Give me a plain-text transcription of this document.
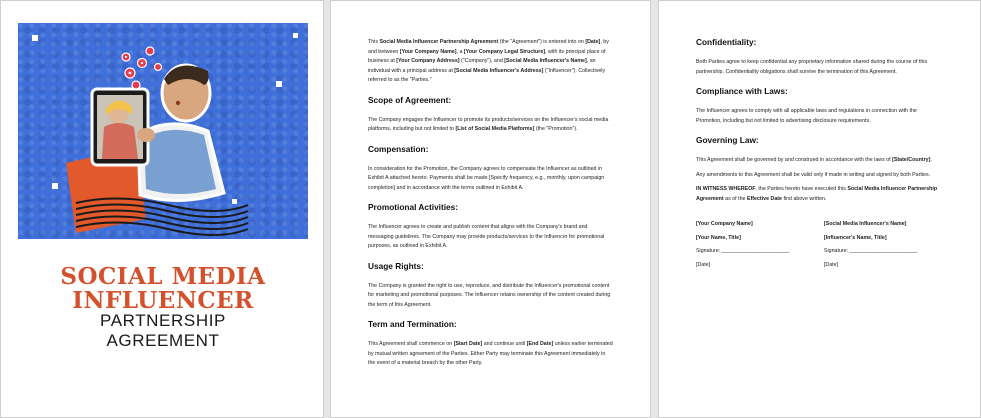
SOCIAL MEDIA
INFLUENCER
PARTNERSHIP
AGREEMENT

This Social Media Influencer Partnership Agreement (the "Agreement") is entered into on [Date], by and between [Your Company Name], a [Your Company Legal Structure], with its principal place of business at [Your Company Address] ("Company"), and [Social Media Influencer's Name], an individual with a principal address at [Social Media Influencer's Address] ("Influencer"). Collectively referred to as the "Parties."

Scope of Agreement:

The Company engages the Influencer to promote its products/services on the Influencer's social media platforms, including but not limited to [List of Social Media Platforms] (the "Promotion").

Compensation:

In consideration for the Promotion, the Company agrees to compensate the Influencer as outlined in Exhibit A attached hereto. Payments shall be made [Specify frequency, e.g., monthly, upon campaign completion] and in accordance with the terms outlined in Exhibit A.

Promotional Activities:

The Influencer agrees to create and publish content that aligns with the Company's brand and messaging guidelines. The Company may provide products/services to the Influencer for promotional purposes, as outlined in Exhibit A.

Usage Rights:

The Company is granted the right to use, reproduce, and distribute the Influencer's promotional content for marketing and promotional purposes. The Influencer retains ownership of the content created during the term of this Agreement.

Term and Termination:

This Agreement shall commence on [Start Date] and continue until [End Date] unless earlier terminated by mutual written agreement of the Parties. Either Party may terminate this Agreement immediately in the event of a material breach by the other Party.

Confidentiality:

Both Parties agree to keep confidential any proprietary information shared during the course of this partnership. Confidentiality obligations shall survive the termination of this Agreement.

Compliance with Laws:

The Influencer agrees to comply with all applicable laws and regulations in connection with the Promotion, including but not limited to advertising disclosure requirements.

Governing Law:

This Agreement shall be governed by and construed in accordance with the laws of [State/Country].

Any amendments to this Agreement shall be valid only if made in writing and signed by both Parties.

IN WITNESS WHEREOF, the Parties hereto have executed this Social Media Influencer Partnership Agreement as of the Effective Date first above written.

[Your Company Name]

[Your Name, Title]

Signature: _______________________

[Date]

[Social Media Influencer's Name]

[Influencer's Name, Title]

Signature: _______________________

[Date]
